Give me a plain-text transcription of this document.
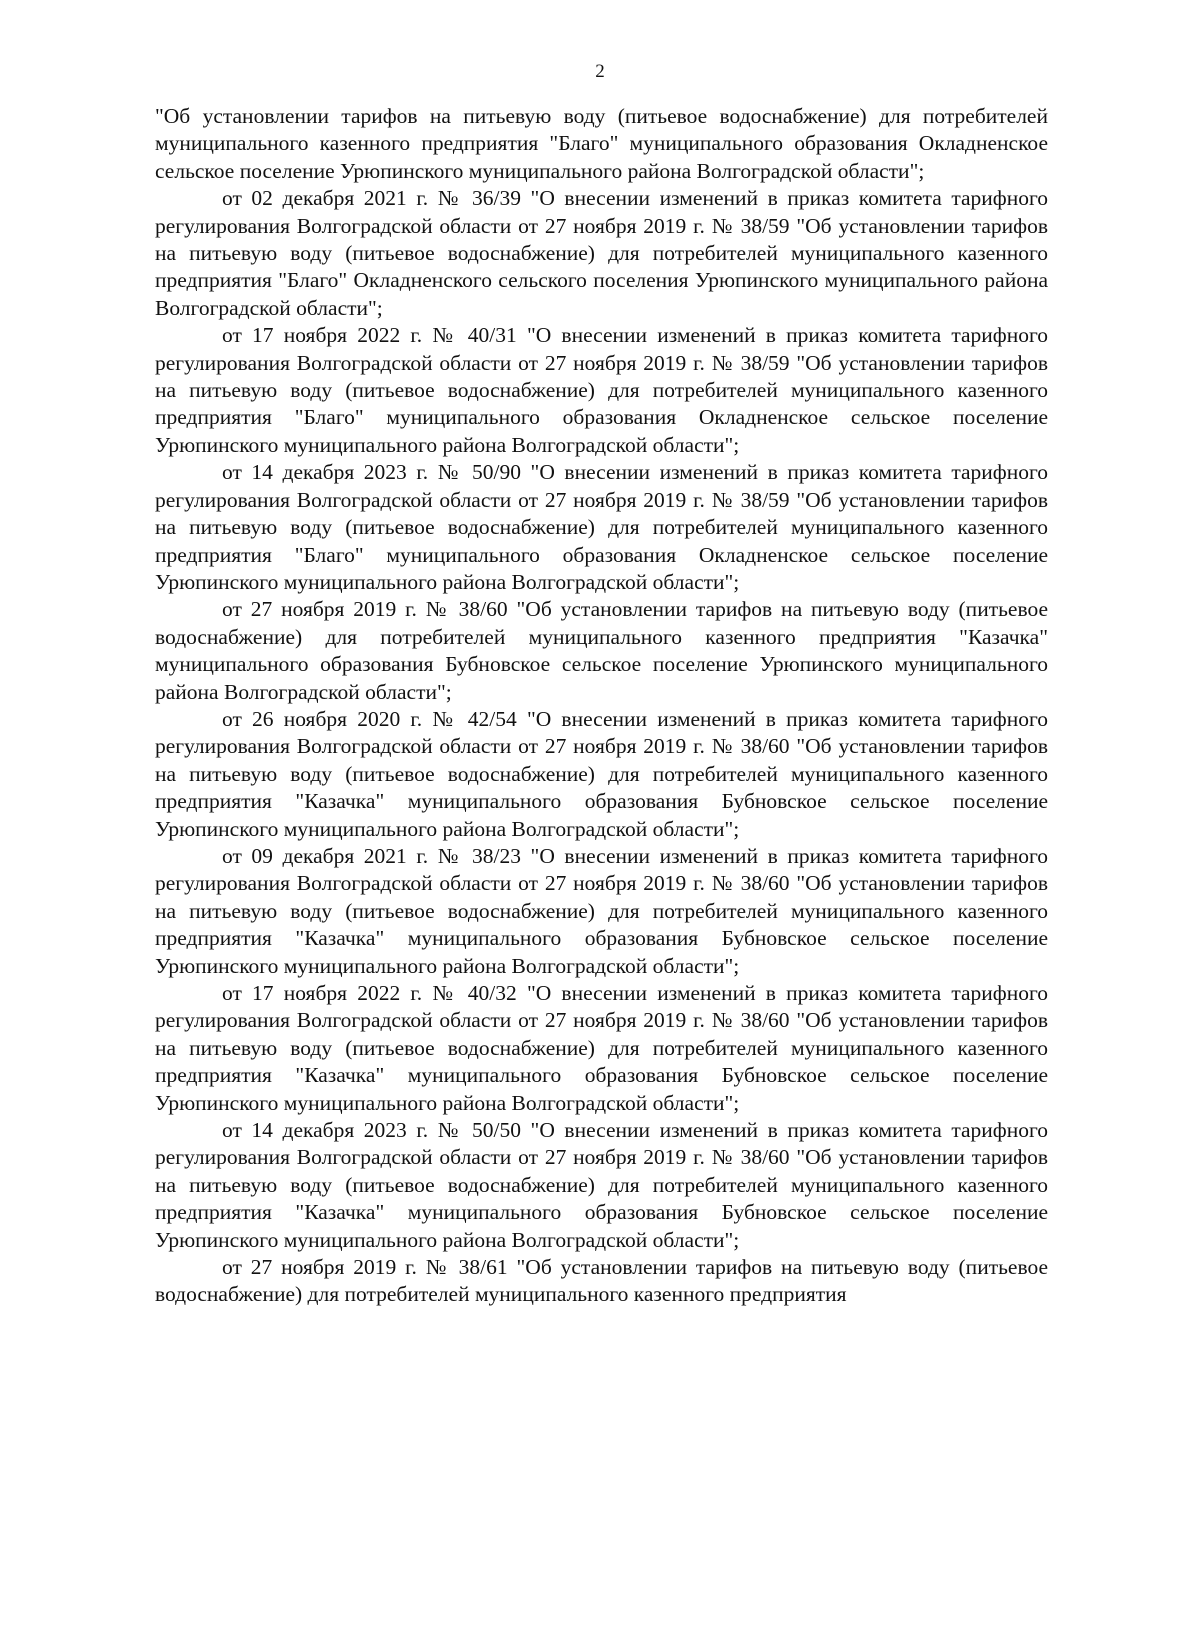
2

"Об установлении тарифов на питьевую воду (питьевое водоснабжение) для потребителей муниципального казенного предприятия "Благо" муниципального образования Окладненское сельское поселение Урюпинского муниципального района Волгоградской области";

от 02 декабря 2021 г. № 36/39 "О внесении изменений в приказ комитета тарифного регулирования Волгоградской области от 27 ноября 2019 г. № 38/59 "Об установлении тарифов на питьевую воду (питьевое водоснабжение) для потребителей муниципального казенного предприятия "Благо" Окладненского сельского поселения Урюпинского муниципального района Волгоградской области";

от 17 ноября 2022 г. № 40/31 "О внесении изменений в приказ комитета тарифного регулирования Волгоградской области от 27 ноября 2019 г. № 38/59 "Об установлении тарифов на питьевую воду (питьевое водоснабжение) для потребителей муниципального казенного предприятия "Благо" муниципального образования Окладненское сельское поселение Урюпинского муниципального района Волгоградской области";

от 14 декабря 2023 г. № 50/90 "О внесении изменений в приказ комитета тарифного регулирования Волгоградской области от 27 ноября 2019 г. № 38/59 "Об установлении тарифов на питьевую воду (питьевое водоснабжение) для потребителей муниципального казенного предприятия "Благо" муниципального образования Окладненское сельское поселение Урюпинского муниципального района Волгоградской области";

от 27 ноября 2019 г. № 38/60 "Об установлении тарифов на питьевую воду (питьевое водоснабжение) для потребителей муниципального казенного предприятия "Казачка" муниципального образования Бубновское сельское поселение Урюпинского муниципального района Волгоградской области";

от 26 ноября 2020 г. № 42/54 "О внесении изменений в приказ комитета тарифного регулирования Волгоградской области от 27 ноября 2019 г. № 38/60 "Об установлении тарифов на питьевую воду (питьевое водоснабжение) для потребителей муниципального казенного предприятия "Казачка" муниципального образования Бубновское сельское поселение Урюпинского муниципального района Волгоградской области";

от 09 декабря 2021 г. № 38/23 "О внесении изменений в приказ комитета тарифного регулирования Волгоградской области от 27 ноября 2019 г. № 38/60 "Об установлении тарифов на питьевую воду (питьевое водоснабжение) для потребителей муниципального казенного предприятия "Казачка" муниципального образования Бубновское сельское поселение Урюпинского муниципального района Волгоградской области";

от 17 ноября 2022 г. № 40/32 "О внесении изменений в приказ комитета тарифного регулирования Волгоградской области от 27 ноября 2019 г. № 38/60 "Об установлении тарифов на питьевую воду (питьевое водоснабжение) для потребителей муниципального казенного предприятия "Казачка" муниципального образования Бубновское сельское поселение Урюпинского муниципального района Волгоградской области";

от 14 декабря 2023 г. № 50/50 "О внесении изменений в приказ комитета тарифного регулирования Волгоградской области от 27 ноября 2019 г. № 38/60 "Об установлении тарифов на питьевую воду (питьевое водоснабжение) для потребителей муниципального казенного предприятия "Казачка" муниципального образования Бубновское сельское поселение Урюпинского муниципального района Волгоградской области";

от 27 ноября 2019 г. № 38/61 "Об установлении тарифов на питьевую воду (питьевое водоснабжение) для потребителей муниципального казенного предприятия
